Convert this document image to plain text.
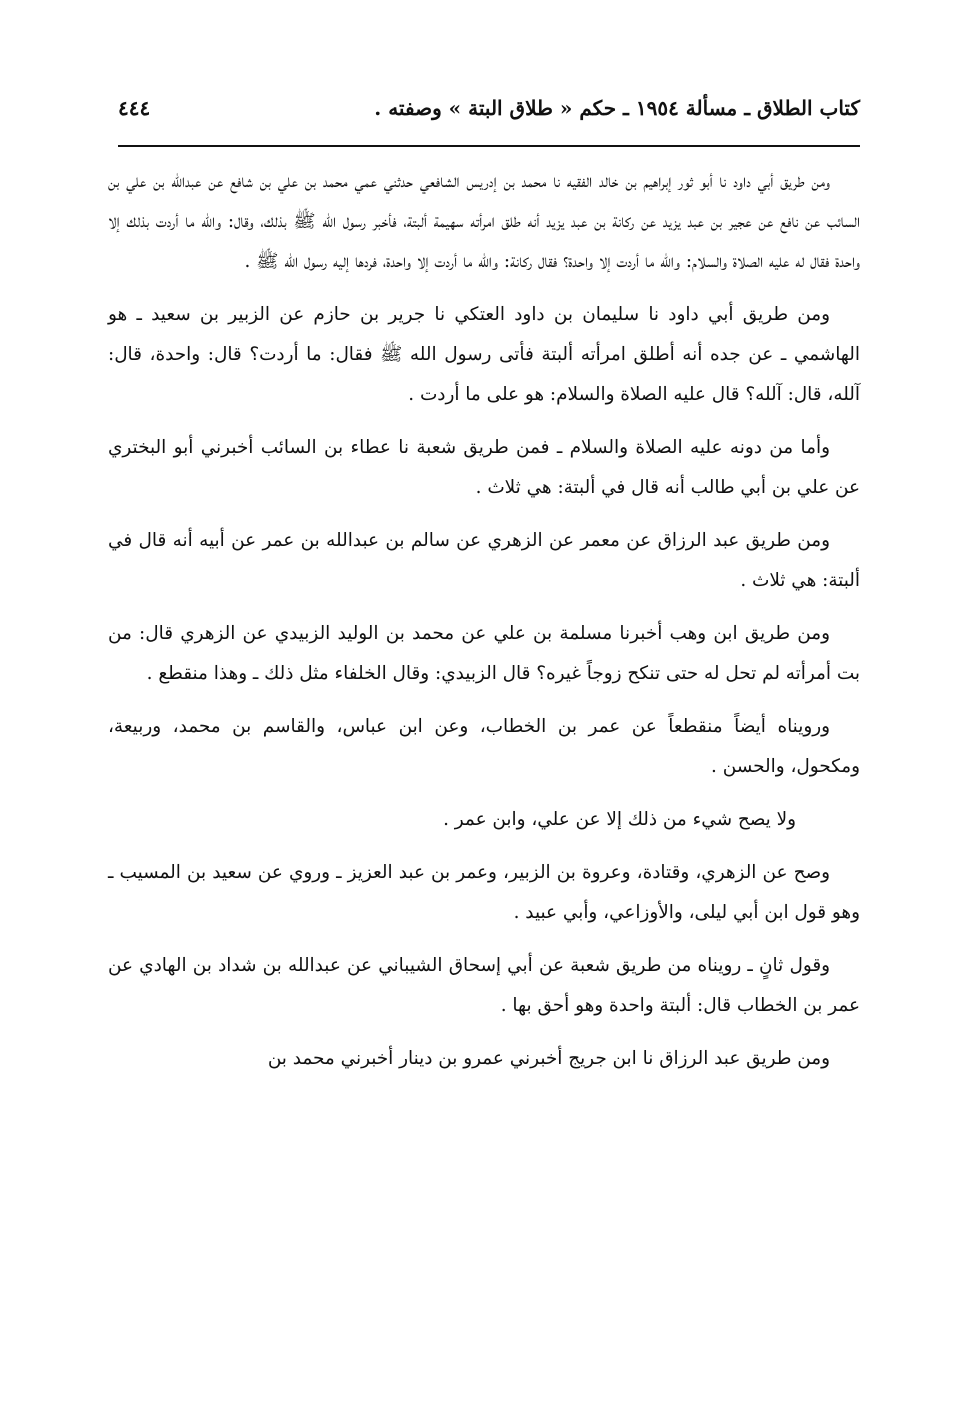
كتاب الطلاق ـ مسألة ١٩٥٤ ـ حكم « طلاق البتة » وصفته .
٤٤٤

ومن طريق أبي داود نا أبو ثور إبراهيم بن خالد الفقيه نا محمد بن إدريس الشافعي حدثني عمي محمد بن علي بن شافع عن عبدالله بن علي بن السائب عن نافع عن عجير بن عبد يزيد عن ركانة بن عبد يزيد أنه طلق امرأته سهيمة ألبتة، فأخبر رسول الله ﷺ بذلك، وقال: والله ما أردت بذلك إلا واحدة فقال له عليه الصلاة والسلام: والله ما أردت إلا واحدة؟ فقال ركانة: والله ما أردت إلا واحدة، فردها إليه رسول الله ﷺ .

ومن طريق أبي داود نا سليمان بن داود العتكي نا جرير بن حازم عن الزبير بن سعيد ـ هو الهاشمي ـ عن جده أنه أطلق امرأته ألبتة فأتى رسول الله ﷺ فقال: ما أردت؟ قال: واحدة، قال: آلله، قال: آلله؟ قال عليه الصلاة والسلام: هو على ما أردت .

وأما من دونه عليه الصلاة والسلام ـ فمن طريق شعبة نا عطاء بن السائب أخبرني أبو البختري عن علي بن أبي طالب أنه قال في ألبتة: هي ثلاث .

ومن طريق عبد الرزاق عن معمر عن الزهري عن سالم بن عبدالله بن عمر عن أبيه أنه قال في ألبتة: هي ثلاث .

ومن طريق ابن وهب أخبرنا مسلمة بن علي عن محمد بن الوليد الزبيدي عن الزهري قال: من بت أمرأته لم تحل له حتى تنكح زوجاً غيره؟ قال الزبيدي: وقال الخلفاء مثل ذلك ـ وهذا منقطع .

ورويناه أيضاً منقطعاً عن عمر بن الخطاب، وعن ابن عباس، والقاسم بن محمد، وربيعة، ومكحول، والحسن .

ولا يصح شيء من ذلك إلا عن علي، وابن عمر .

وصح عن الزهري، وقتادة، وعروة بن الزبير، وعمر بن عبد العزيز ـ وروي عن سعيد بن المسيب ـ وهو قول ابن أبي ليلى، والأوزاعي، وأبي عبيد .

وقول ثانٍ ـ رويناه من طريق شعبة عن أبي إسحاق الشيباني عن عبدالله بن شداد بن الهادي عن عمر بن الخطاب قال: ألبتة واحدة وهو أحق بها .

ومن طريق عبد الرزاق نا ابن جريج أخبرني عمرو بن دينار أخبرني محمد بن
